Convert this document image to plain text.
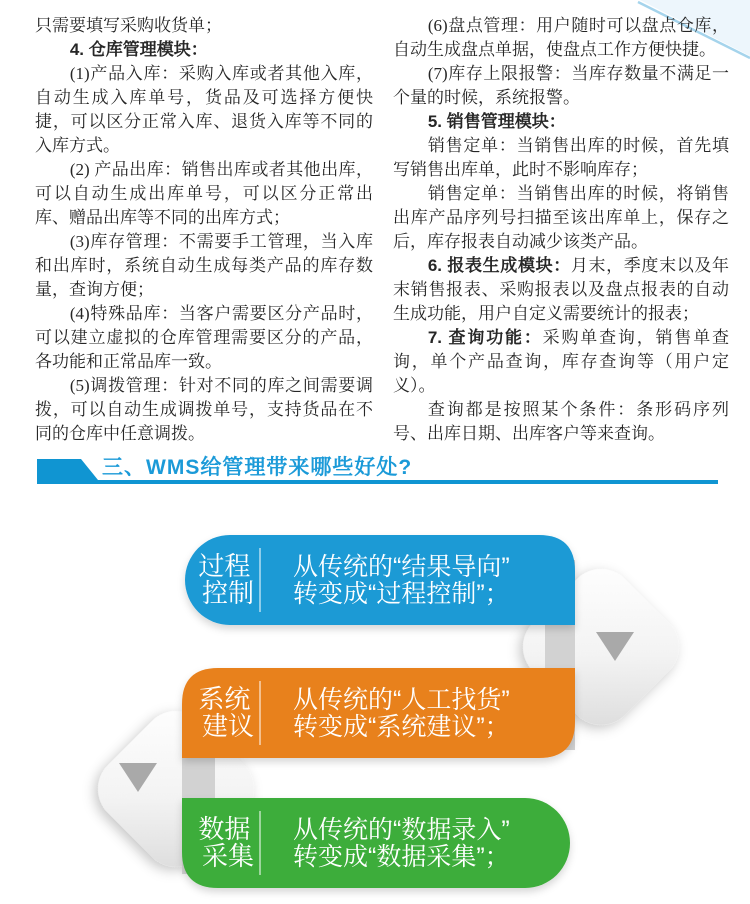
只需要填写采购收货单；

4. 仓库管理模块：

(1)产品入库：采购入库或者其他入库，自动生成入库单号，货品及可选择方便快捷，可以区分正常入库、退货入库等不同的入库方式。

(2) 产品出库：销售出库或者其他出库，可以自动生成出库单号，可以区分正常出库、赠品出库等不同的出库方式；

(3)库存管理：不需要手工管理，当入库和出库时，系统自动生成每类产品的库存数量，查询方便；

(4)特殊品库：当客户需要区分产品时，可以建立虚拟的仓库管理需要区分的产品，各功能和正常品库一致。

(5)调拨管理：针对不同的库之间需要调拨，可以自动生成调拨单号，支持货品在不同的仓库中任意调拨。

(6)盘点管理：用户随时可以盘点仓库，自动生成盘点单据，使盘点工作方便快捷。

(7)库存上限报警：当库存数量不满足一个量的时候，系统报警。

5. 销售管理模块：

销售定单：当销售出库的时候，首先填写销售出库单，此时不影响库存；

销售定单：当销售出库的时候，将销售出库产品序列号扫描至该出库单上，保存之后，库存报表自动减少该类产品。

6. 报表生成模块：月末，季度末以及年末销售报表、采购报表以及盘点报表的自动生成功能，用户自定义需要统计的报表；

7. 查询功能：采购单查询，销售单查询，单个产品查询，库存查询等（用户定义）。

查询都是按照某个条件：条形码序列号、出库日期、出库客户等来查询。

三、WMS给管理带来哪些好处?
过程 控制
从传统的“结果导向” 转变成“过程控制”；
系统 建议
从传统的“人工找货” 转变成“系统建议”；
数据 采集
从传统的“数据录入” 转变成“数据采集”；
